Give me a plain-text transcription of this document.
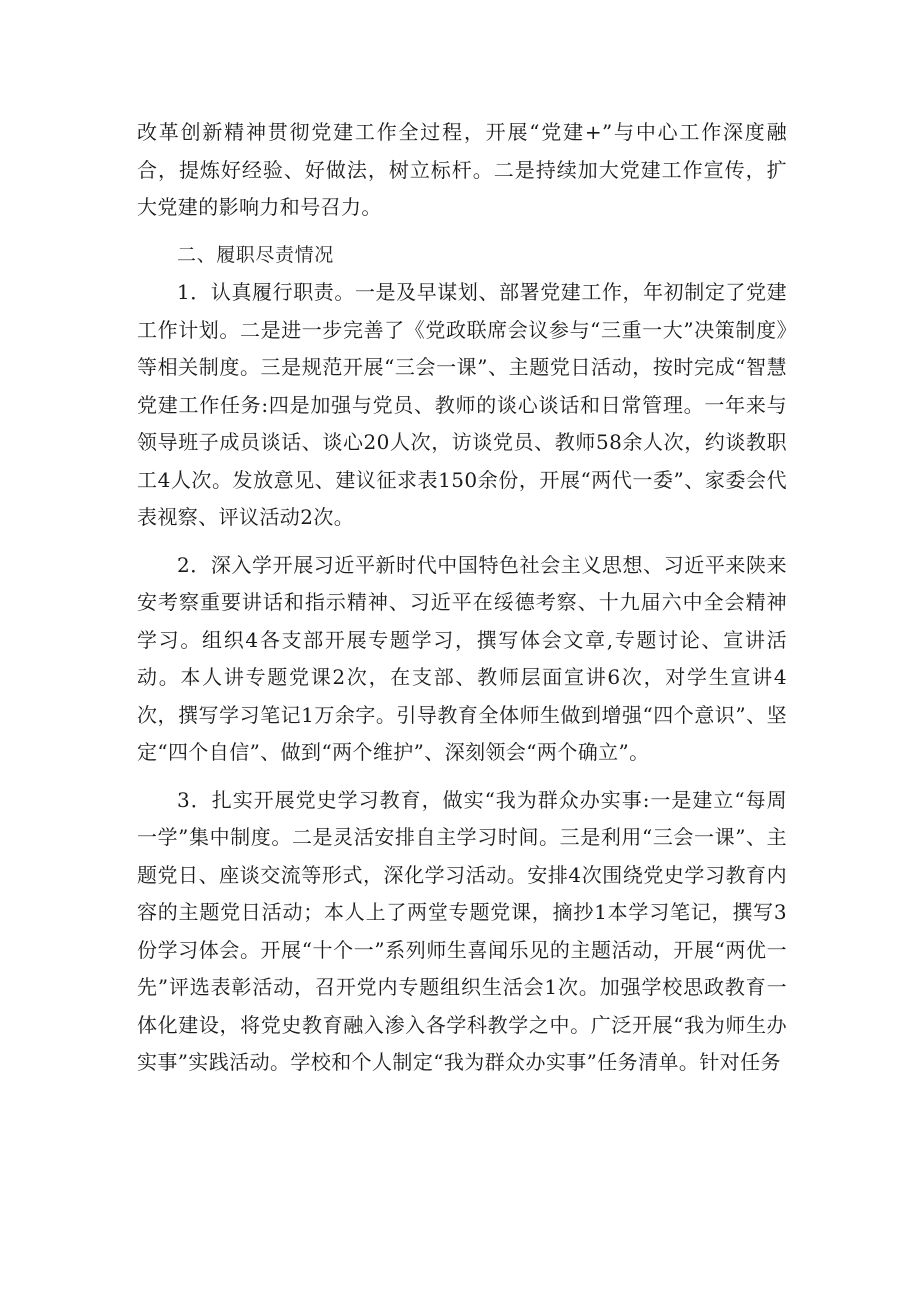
改革创新精神贯彻党建工作全过程，开展“党建+”与中心工作深度融合，提炼好经验、好做法，树立标杆。二是持续加大党建工作宣传，扩大党建的影响力和号召力。

二、履职尽责情况

1．认真履行职责。一是及早谋划、部署党建工作，年初制定了党建工作计划。二是进一步完善了《党政联席会议参与“三重一大”决策制度》等相关制度。三是规范开展“三会一课”、主题党日活动，按时完成“智慧党建工作任务:四是加强与党员、教师的谈心谈话和日常管理。一年来与领导班子成员谈话、谈心20人次，访谈党员、教师58余人次，约谈教职工4人次。发放意见、建议征求表150余份，开展“两代一委”、家委会代表视察、评议活动2次。

2．深入学开展习近平新时代中国特色社会主义思想、习近平来陕来安考察重要讲话和指示精神、习近平在绥德考察、十九届六中全会精神学习。组织4各支部开展专题学习，撰写体会文章,专题讨论、宣讲活动。本人讲专题党课2次，在支部、教师层面宣讲6次，对学生宣讲4次，撰写学习笔记1万余字。引导教育全体师生做到增强“四个意识”、坚定“四个自信”、做到“两个维护”、深刻领会“两个确立”。

3．扎实开展党史学习教育，做实“我为群众办实事:一是建立“每周一学”集中制度。二是灵活安排自主学习时间。三是利用“三会一课”、主题党日、座谈交流等形式，深化学习活动。安排4次围绕党史学习教育内容的主题党日活动；本人上了两堂专题党课，摘抄1本学习笔记，撰写3份学习体会。开展“十个一”系列师生喜闻乐见的主题活动，开展“两优一先”评选表彰活动，召开党内专题组织生活会1次。加强学校思政教育一体化建设，将党史教育融入渗入各学科教学之中。广泛开展“我为师生办实事”实践活动。学校和个人制定“我为群众办实事”任务清单。针对任务
